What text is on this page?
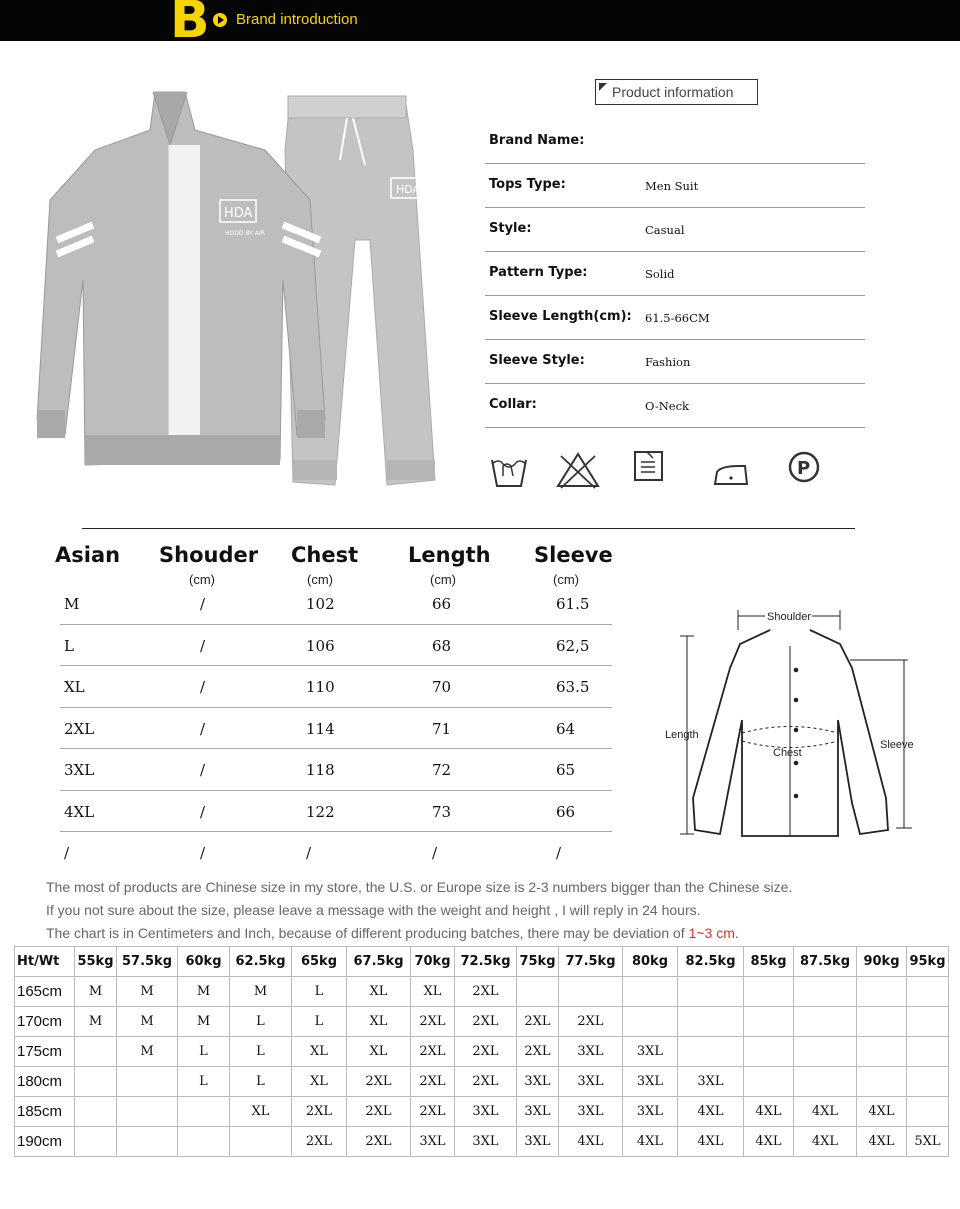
B Brand introduction
HDA
HDA
HOOD BY AIR
Product information
Brand Name:
Tops Type:	Men Suit
Style:	Casual
Pattern Type:	Solid
Sleeve Length(cm): 61.5-66CM
Sleeve Style:	Fashion
Collar:	O-Neck
P
Asian Shouder Chest Length Sleeve
(cm)	(cm)	(cm)	(cm)
M	/	102	66	61.5
L	/	106	68	62,5
XL	/	110	70	63.5
2XL	/	114	71	64
3XL	/	118	72	65
4XL	/	122	73	66
/	/	/	/	/
Shoulder
Chest
Length
Sleeve
The most of products are Chinese size in my store, the U.S. or Europe size is 2-3 numbers bigger than the Chinese size.
If you not sure about the size, please leave a message with the weight and height , I will reply in 24 hours.
The chart is in Centimeters and Inch, because of different producing batches, there may be deviation of 1~3 cm.
Ht/Wt	55kg	57.5kg	60kg	62.5kg	65kg	67.5kg	70kg	72.5kg	75kg	77.5kg	80kg	82.5kg	85kg	87.5kg	90kg	95kg
165cm	M	M	M	M	L	XL	XL	2XL								
170cm	M	M	M	L	L	XL	2XL	2XL	2XL	2XL						
175cm		M	L	L	XL	XL	2XL	2XL	2XL	3XL	3XL					
180cm			L	L	XL	2XL	2XL	2XL	3XL	3XL	3XL	3XL				
185cm				XL	2XL	2XL	2XL	3XL	3XL	3XL	3XL	4XL	4XL	4XL	4XL	
190cm					2XL	2XL	3XL	3XL	3XL	4XL	4XL	4XL	4XL	4XL	4XL	5XL
